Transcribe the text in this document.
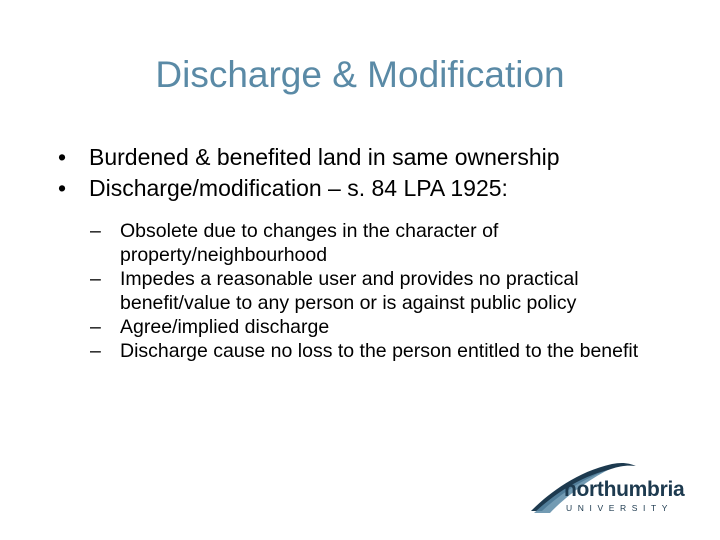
Discharge & Modification
• Burdened & benefited land in same ownership
• Discharge/modification – s. 84 LPA 1925:
– Obsolete due to changes in the character of property/neighbourhood
– Impedes a reasonable user and provides no practical benefit/value to any person or is against public policy
– Agree/implied discharge
– Discharge cause no loss to the person entitled to the benefit
northumbria
UNIVERSITY
